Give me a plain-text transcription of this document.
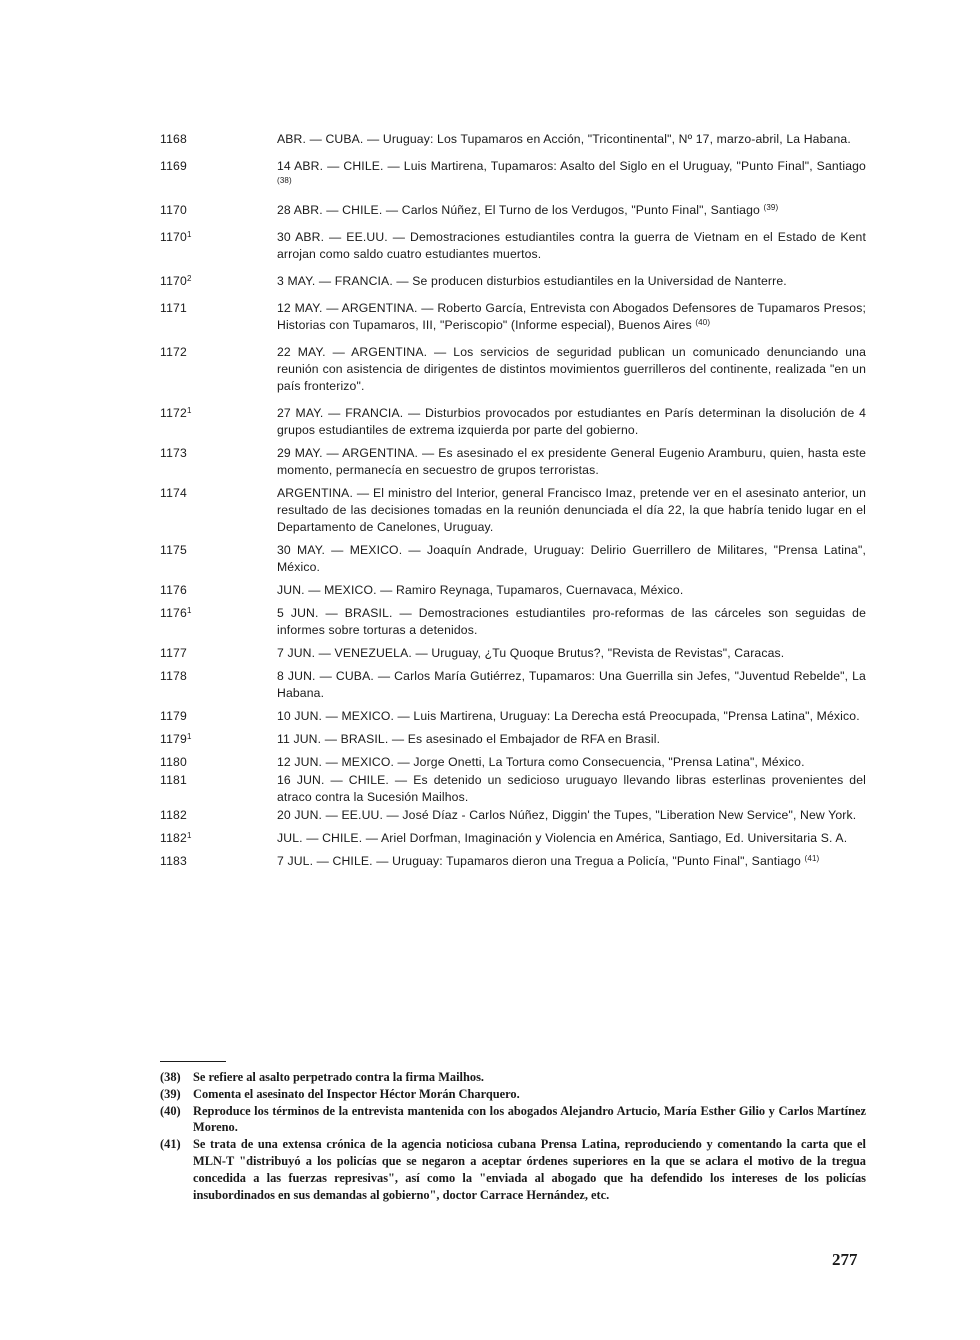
1168	ABR. — CUBA. — Uruguay: Los Tupamaros en Acción, "Tricontinental", Nº 17, marzo-abril, La Habana.
1169	14 ABR. — CHILE. — Luis Martirena, Tupamaros: Asalto del Siglo en el Uruguay, "Punto Final", Santiago $^{(38)}$
1170	28 ABR. — CHILE. — Carlos Núñez, El Turno de los Verdugos, "Punto Final", Santiago $^{(39)}$
1170$^1$	30 ABR. — EE.UU. — Demostraciones estudiantiles contra la guerra de Vietnam en el Estado de Kent arrojan como saldo cuatro estudiantes muertos.
1170$^2$	3 MAY. — FRANCIA. — Se producen disturbios estudiantiles en la Universidad de Nanterre.
1171	12 MAY. — ARGENTINA. — Roberto García, Entrevista con Abogados Defensores de Tupamaros Presos; Historias con Tupamaros, III, "Periscopio" (Informe especial), Buenos Aires $^{(40)}$
1172	22 MAY. — ARGENTINA. — Los servicios de seguridad publican un comunicado denunciando una reunión con asistencia de dirigentes de distintos movimientos guerrilleros del continente, realizada "en un país fronterizo".
1172$^1$	27 MAY. — FRANCIA. — Disturbios provocados por estudiantes en París determinan la disolución de 4 grupos estudiantiles de extrema izquierda por parte del gobierno.
1173	29 MAY. — ARGENTINA. — Es asesinado el ex presidente General Eugenio Aramburu, quien, hasta este momento, permanecía en secuestro de grupos terroristas.
1174	ARGENTINA. — El ministro del Interior, general Francisco Imaz, pretende ver en el asesinato anterior, un resultado de las decisiones tomadas en la reunión denunciada el día 22, la que habría tenido lugar en el Departamento de Canelones, Uruguay.
1175	30 MAY. — MEXICO. — Joaquín Andrade, Uruguay: Delirio Guerrillero de Militares, "Prensa Latina", México.
1176	JUN. — MEXICO. — Ramiro Reynaga, Tupamaros, Cuernavaca, México.
1176$^1$	5 JUN. — BRASIL. — Demostraciones estudiantiles pro-reformas de las cárceles son seguidas de informes sobre torturas a detenidos.
1177	7 JUN. — VENEZUELA. — Uruguay, ¿Tu Quoque Brutus?, "Revista de Revistas", Caracas.
1178	8 JUN. — CUBA. — Carlos María Gutiérrez, Tupamaros: Una Guerrilla sin Jefes, "Juventud Rebelde", La Habana.
1179	10 JUN. — MEXICO. — Luis Martirena, Uruguay: La Derecha está Preocupada, "Prensa Latina", México.
1179$^1$	11 JUN. — BRASIL. — Es asesinado el Embajador de RFA en Brasil.
1180	12 JUN. — MEXICO. — Jorge Onetti, La Tortura como Consecuencia, "Prensa Latina", México.
1181	16 JUN. — CHILE. — Es detenido un sedicioso uruguayo llevando libras esterlinas provenientes del atraco contra la Sucesión Mailhos.
1182	20 JUN. — EE.UU. — José Díaz - Carlos Núñez, Diggin' the Tupes, "Liberation New Service", New York.
1182$^1$	JUL. — CHILE. — Ariel Dorfman, Imaginación y Violencia en América, Santiago, Ed. Universitaria S. A.
1183	7 JUL. — CHILE. — Uruguay: Tupamaros dieron una Tregua a Policía, "Punto Final", Santiago $^{(41)}$
(38) Se refiere al asalto perpetrado contra la firma Mailhos.
(39) Comenta el asesinato del Inspector Héctor Morán Charquero.
(40) Reproduce los términos de la entrevista mantenida con los abogados Alejandro Artucio, María Esther Gilio y Carlos Martínez Moreno.
(41) Se trata de una extensa crónica de la agencia noticiosa cubana Prensa Latina, reproduciendo y comentando la carta que el MLN-T "distribuyó a los policías que se negaron a aceptar órdenes superiores en la que se aclara el motivo de la tregua concedida a las fuerzas represivas", así como la "enviada al abogado que ha defendido los intereses de los policías insubordinados en sus demandas al gobierno", doctor Carrace Hernández, etc.
277
